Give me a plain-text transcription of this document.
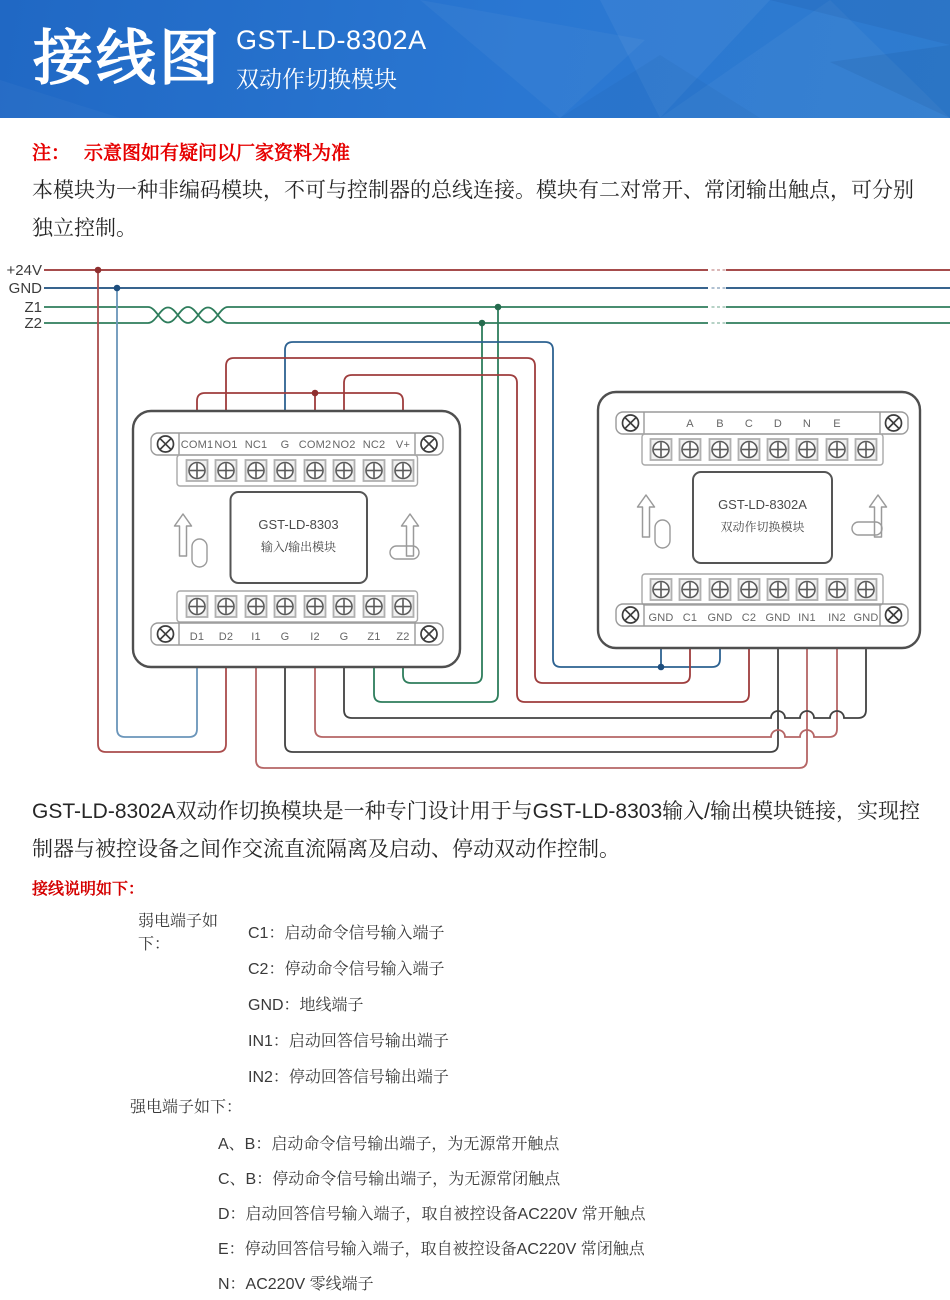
接线图 GST-LD-8302A
双动作切换模块
注： 示意图如有疑问以厂家资料为准
本模块为一种非编码模块，不可与控制器的总线连接。模块有二对常开、常闭输出触点，可分别独立控制。
+24V
GND
Z1
Z2
COM1 NO1 NC1 G COM2 NO2 NC2 V+
GST-LD-8303
输入/输出模块
D1 D2 I1 G I2 G Z1 Z2
A B C D N E
GST-LD-8302A
双动作切换模块
GND C1 GND C2 GND IN1 IN2 GND
GST-LD-8302A双动作切换模块是一种专门设计用于与GST-LD-8303输入/输出模块链接，实现控制器与被控设备之间作交流直流隔离及启动、停动双动作控制。
接线说明如下：
弱电端子如下：
C1：启动命令信号输入端子
C2：停动命令信号输入端子
GND：地线端子
IN1：启动回答信号输出端子
IN2：停动回答信号输出端子
强电端子如下：
A、B：启动命令信号输出端子，为无源常开触点
C、B：停动命令信号输出端子，为无源常闭触点
D：启动回答信号输入端子，取自被控设备AC220V 常开触点
E：停动回答信号输入端子，取自被控设备AC220V 常闭触点
N：AC220V 零线端子
